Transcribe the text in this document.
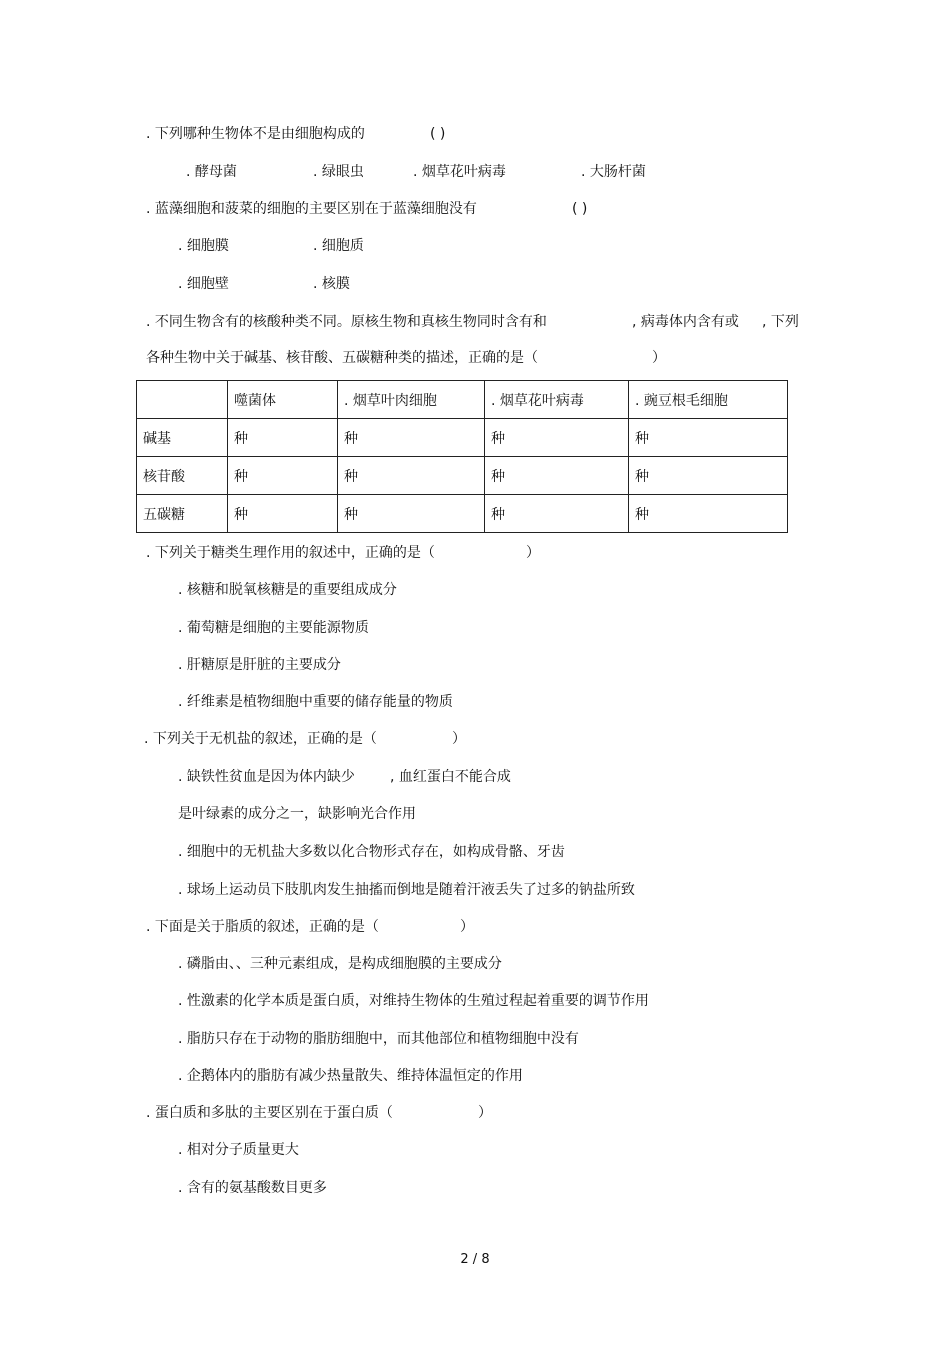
. 下列哪种生物体不是由细胞构成的	( )
. 酵母菌	. 绿眼虫	. 烟草花叶病毒	. 大肠杆菌
. 蓝藻细胞和菠菜的细胞的主要区别在于蓝藻细胞没有	( )
. 细胞膜	. 细胞质
. 细胞壁	. 核膜
. 不同生物含有的核酸种类不同。原核生物和真核生物同时含有和	, 病毒体内含有或 , 下列
各种生物中关于碱基、核苷酸、五碳糖种类的描述，正确的是（	）
	噬菌体	. 烟草叶肉细胞	. 烟草花叶病毒	. 豌豆根毛细胞
碱基	种	种	种	种
核苷酸	种	种	种	种
五碳糖	种	种	种	种
. 下列关于糖类生理作用的叙述中，正确的是（	）
. 核糖和脱氧核糖是的重要组成成分
. 葡萄糖是细胞的主要能源物质
. 肝糖原是肝脏的主要成分
. 纤维素是植物细胞中重要的储存能量的物质
. 下列关于无机盐的叙述，正确的是（	）
. 缺铁性贫血是因为体内缺少	, 血红蛋白不能合成
是叶绿素的成分之一，缺影响光合作用
. 细胞中的无机盐大多数以化合物形式存在，如构成骨骼、牙齿
. 球场上运动员下肢肌肉发生抽搐而倒地是随着汗液丢失了过多的钠盐所致
. 下面是关于脂质的叙述，正确的是（	）
. 磷脂由、、三种元素组成，是构成细胞膜的主要成分
. 性激素的化学本质是蛋白质，对维持生物体的生殖过程起着重要的调节作用
. 脂肪只存在于动物的脂肪细胞中，而其他部位和植物细胞中没有
. 企鹅体内的脂肪有减少热量散失、维持体温恒定的作用
. 蛋白质和多肽的主要区别在于蛋白质（	）
. 相对分子质量更大
. 含有的氨基酸数目更多
2 / 8
